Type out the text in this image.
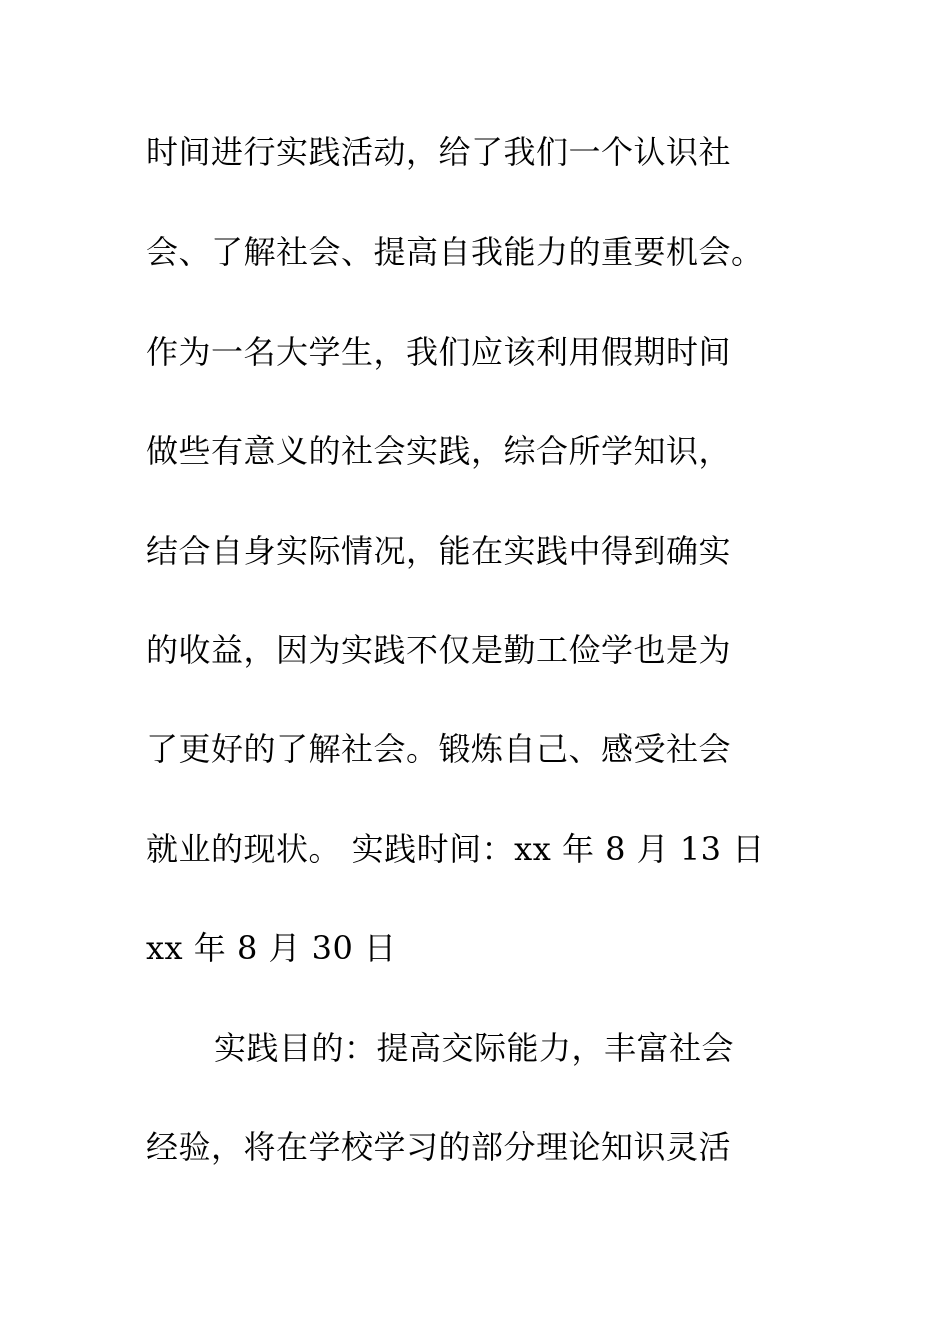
时间进行实践活动，给了我们一个认识社
会、了解社会、提高自我能力的重要机会。
作为一名大学生，我们应该利用假期时间
做些有意义的社会实践，综合所学知识，
结合自身实际情况，能在实践中得到确实
的收益，因为实践不仅是勤工俭学也是为
了更好的了解社会。锻炼自己、感受社会
就业的现状。 实践时间：xx 年 8 月 13 日
xx 年 8 月 30 日
实践目的：提高交际能力，丰富社会
经验，将在学校学习的部分理论知识灵活
